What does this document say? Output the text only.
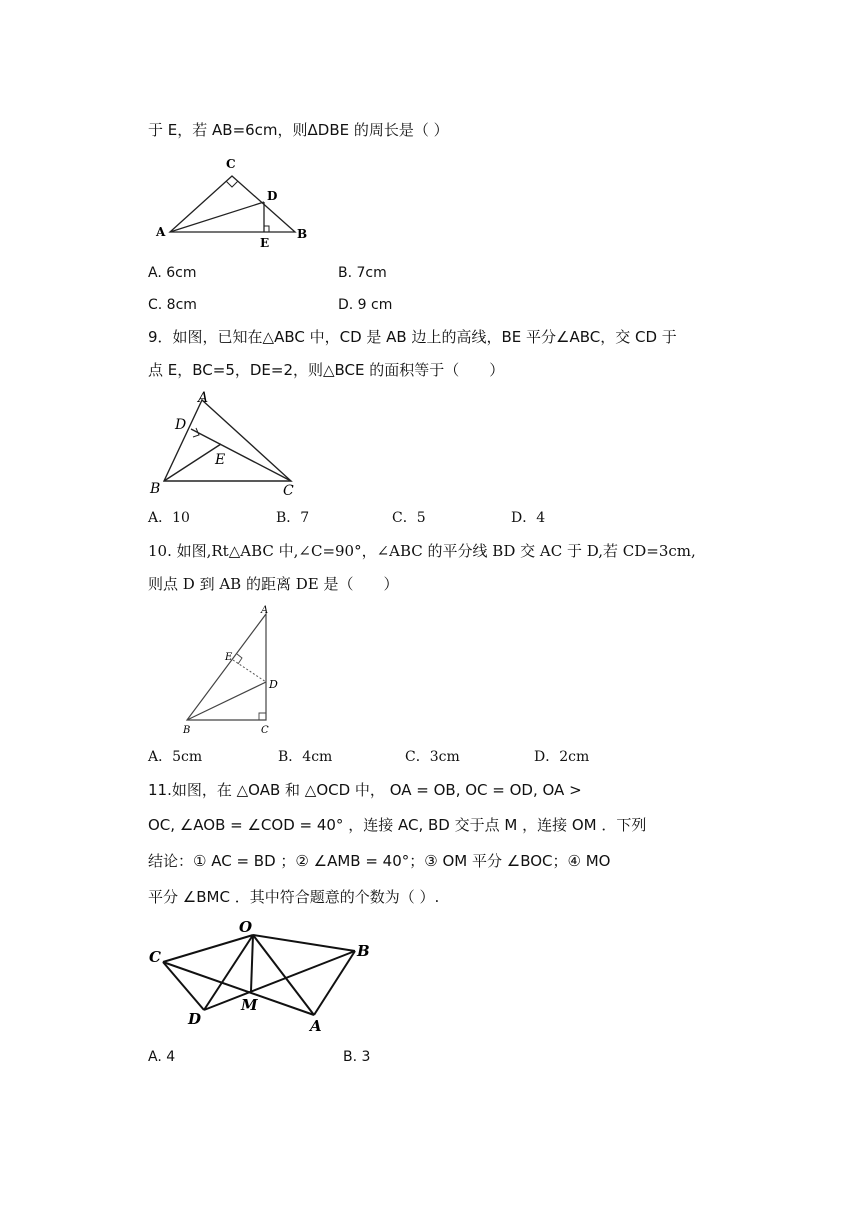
于 E，若 AB=6cm，则ΔDBE 的周长是（ ）
A
C
D
E
B
A. 6cm	B. 7cm
C. 8cm	D. 9 cm
9．如图，已知在△ABC 中，CD 是 AB 边上的高线，BE 平分∠ABC，交 CD 于
点 E，BC=5，DE=2，则△BCE 的面积等于（　　）
A
D
E
B	C
A．10	B．7	C．5	D．4
10. 如图,Rt△ABC 中,∠C=90°，∠ABC 的平分线 BD 交 AC 于 D,若 CD=3cm,
则点 D 到 AB 的距离 DE 是（　　）
A
E
D
B	C
A．5cm	B．4cm	C．3cm	D．2cm
11.如图，在 △OAB 和 △OCD 中， OA = OB, OC = OD, OA >
OC, ∠AOB = ∠COD = 40° ，连接 AC, BD 交于点 M ，连接 OM ．下列
结论：① AC = BD ；② ∠AMB = 40°；③ OM 平分 ∠BOC；④ MO
平分 ∠BMC ．其中符合题意的个数为（ ）.
O
C	B
M
D	A
A. 4	B. 3
